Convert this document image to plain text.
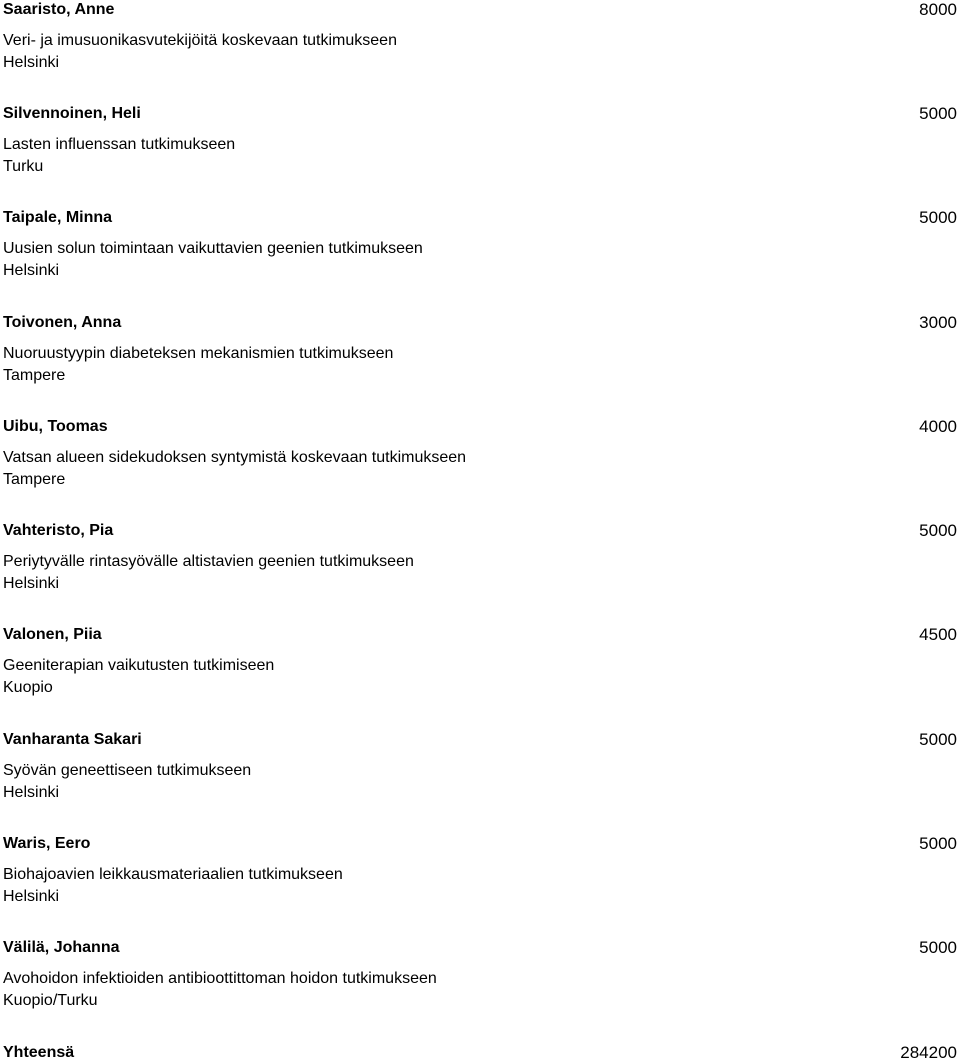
Saaristo, Anne	8000
Veri- ja imusuonikasvutekijöitä koskevaan tutkimukseen
Helsinki
Silvennoinen, Heli	5000
Lasten influenssan tutkimukseen
Turku
Taipale, Minna	5000
Uusien solun toimintaan vaikuttavien geenien tutkimukseen
Helsinki
Toivonen, Anna	3000
Nuoruustyypin diabeteksen mekanismien tutkimukseen
Tampere
Uibu, Toomas	4000
Vatsan alueen sidekudoksen syntymistä koskevaan tutkimukseen
Tampere
Vahteristo, Pia	5000
Periytyvälle rintasyövälle altistavien geenien tutkimukseen
Helsinki
Valonen, Piia	4500
Geeniterapian vaikutusten tutkimiseen
Kuopio
Vanharanta Sakari	5000
Syövän geneettiseen tutkimukseen
Helsinki
Waris, Eero	5000
Biohajoavien leikkausmateriaalien tutkimukseen
Helsinki
Välilä, Johanna	5000
Avohoidon infektioiden antibioottittoman hoidon tutkimukseen
Kuopio/Turku
Yhteensä	284200
